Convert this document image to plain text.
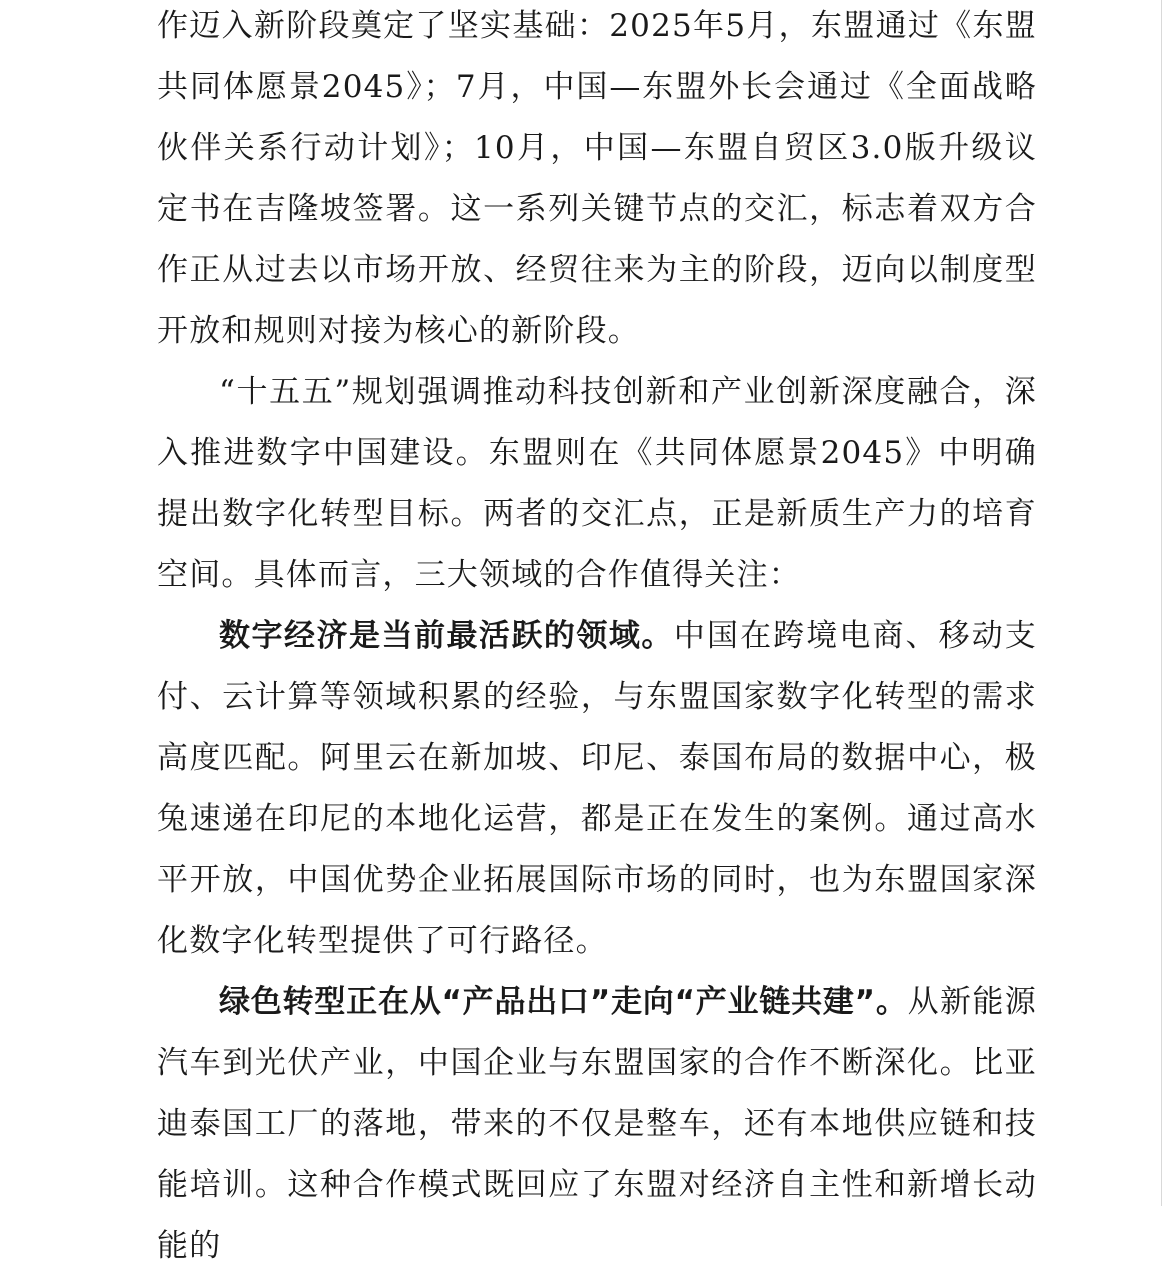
作迈入新阶段奠定了坚实基础：2025年5月，东盟通过《东盟共同体愿景2045》；7月，中国—东盟外长会通过《全面战略伙伴关系行动计划》；10月，中国—东盟自贸区3.0版升级议定书在吉隆坡签署。这一系列关键节点的交汇，标志着双方合作正从过去以市场开放、经贸往来为主的阶段，迈向以制度型开放和规则对接为核心的新阶段。

“十五五”规划强调推动科技创新和产业创新深度融合，深入推进数字中国建设。东盟则在《共同体愿景2045》中明确提出数字化转型目标。两者的交汇点，正是新质生产力的培育空间。具体而言，三大领域的合作值得关注：

数字经济是当前最活跃的领域。中国在跨境电商、移动支付、云计算等领域积累的经验，与东盟国家数字化转型的需求高度匹配。阿里云在新加坡、印尼、泰国布局的数据中心，极兔速递在印尼的本地化运营，都是正在发生的案例。通过高水平开放，中国优势企业拓展国际市场的同时，也为东盟国家深化数字化转型提供了可行路径。

绿色转型正在从“产品出口”走向“产业链共建”。从新能源汽车到光伏产业，中国企业与东盟国家的合作不断深化。比亚迪泰国工厂的落地，带来的不仅是整车，还有本地供应链和技能培训。这种合作模式既回应了东盟对经济自主性和新增长动能的
